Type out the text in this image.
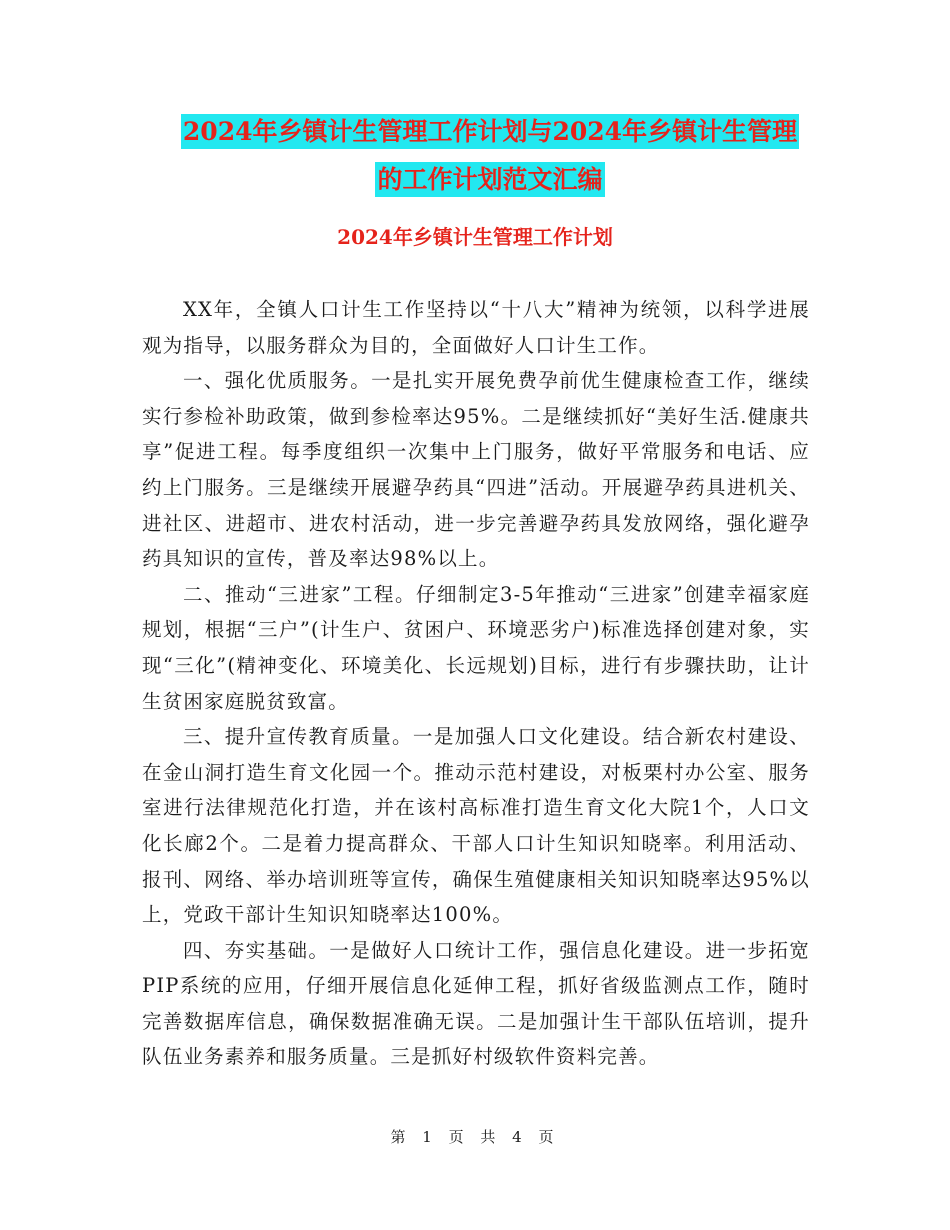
2024年乡镇计生管理工作计划与2024年乡镇计生管理
的工作计划范文汇编
2024年乡镇计生管理工作计划

XX年，全镇人口计生工作坚持以“十八大”精神为统领，以科学进展观为指导，以服务群众为目的，全面做好人口计生工作。

一、强化优质服务。一是扎实开展免费孕前优生健康检查工作，继续实行参检补助政策，做到参检率达95%。二是继续抓好“美好生活.健康共享”促进工程。每季度组织一次集中上门服务，做好平常服务和电话、应约上门服务。三是继续开展避孕药具“四进”活动。开展避孕药具进机关、进社区、进超市、进农村活动，进一步完善避孕药具发放网络，强化避孕药具知识的宣传，普及率达98%以上。

二、推动“三进家”工程。仔细制定3-5年推动“三进家”创建幸福家庭规划，根据“三户”(计生户、贫困户、环境恶劣户)标准选择创建对象，实现“三化”(精神变化、环境美化、长远规划)目标，进行有步骤扶助，让计生贫困家庭脱贫致富。

三、提升宣传教育质量。一是加强人口文化建设。结合新农村建设、在金山洞打造生育文化园一个。推动示范村建设，对板栗村办公室、服务室进行法律规范化打造，并在该村高标准打造生育文化大院1个，人口文化长廊2个。二是着力提高群众、干部人口计生知识知晓率。利用活动、报刊、网络、举办培训班等宣传，确保生殖健康相关知识知晓率达95%以上，党政干部计生知识知晓率达100%。

四、夯实基础。一是做好人口统计工作，强信息化建设。进一步拓宽PIP系统的应用，仔细开展信息化延伸工程，抓好省级监测点工作，随时完善数据库信息，确保数据准确无误。二是加强计生干部队伍培训，提升队伍业务素养和服务质量。三是抓好村级软件资料完善。

第 1 页 共 4 页
